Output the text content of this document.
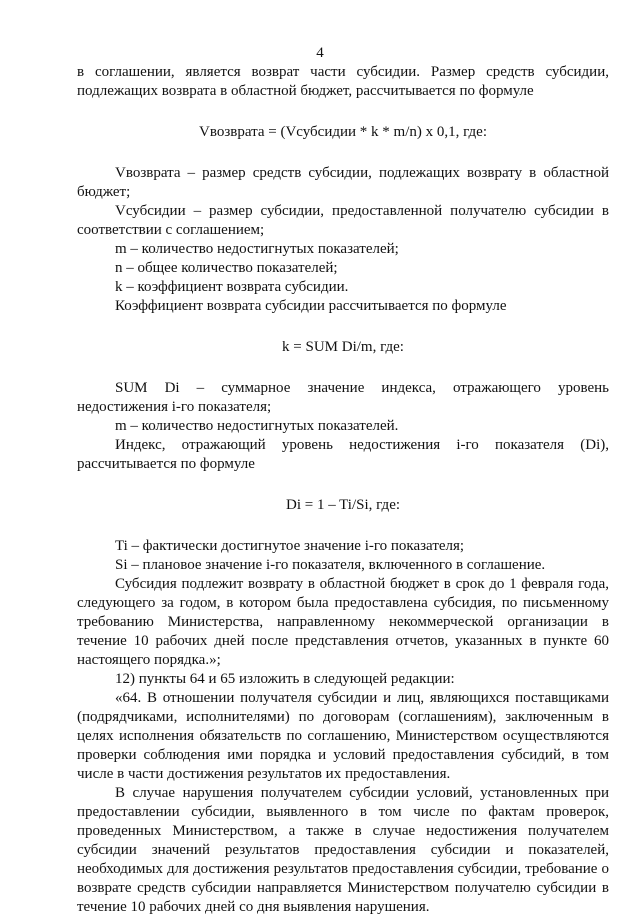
4

в соглашении, является возврат части субсидии. Размер средств субсидии, подлежащих возврата в областной бюджет, рассчитывается по формуле

Vвозврата = (Vсубсидии * k * m/n) x 0,1, где:

Vвозврата – размер средств субсидии, подлежащих возврату в областной бюджет;

Vсубсидии – размер субсидии, предоставленной получателю субсидии в соответствии с соглашением;

m – количество недостигнутых показателей;

n – общее количество показателей;

k – коэффициент возврата субсидии.

Коэффициент возврата субсидии рассчитывается по формуле

k = SUM Di/m, где:

SUM Di – суммарное значение индекса, отражающего уровень недостижения i-го показателя;

m – количество недостигнутых показателей.

Индекс, отражающий уровень недостижения i-го показателя (Di), рассчитывается по формуле

Di = 1 – Ti/Si, где:

Ti – фактически достигнутое значение i-го показателя;

Si – плановое значение i-го показателя, включенного в соглашение.

Субсидия подлежит возврату в областной бюджет в срок до 1 февраля года, следующего за годом, в котором была предоставлена субсидия, по письменному требованию Министерства, направленному некоммерческой организации в течение 10 рабочих дней после представления отчетов, указанных в пункте 60 настоящего порядка.»;

12) пункты 64 и 65 изложить в следующей редакции:

«64. В отношении получателя субсидии и лиц, являющихся поставщиками (подрядчиками, исполнителями) по договорам (соглашениям), заключенным в целях исполнения обязательств по соглашению, Министерством осуществляются проверки соблюдения ими порядка и условий предоставления субсидий, в том числе в части достижения результатов их предоставления.

В случае нарушения получателем субсидии условий, установленных при предоставлении субсидии, выявленного в том числе по фактам проверок, проведенных Министерством, а также в случае недостижения получателем субсидии значений результатов предоставления субсидии и показателей, необходимых для достижения результатов предоставления субсидии, требование о возврате средств субсидии направляется Министерством получателю субсидии в течение 10 рабочих дней со дня выявления нарушения.
